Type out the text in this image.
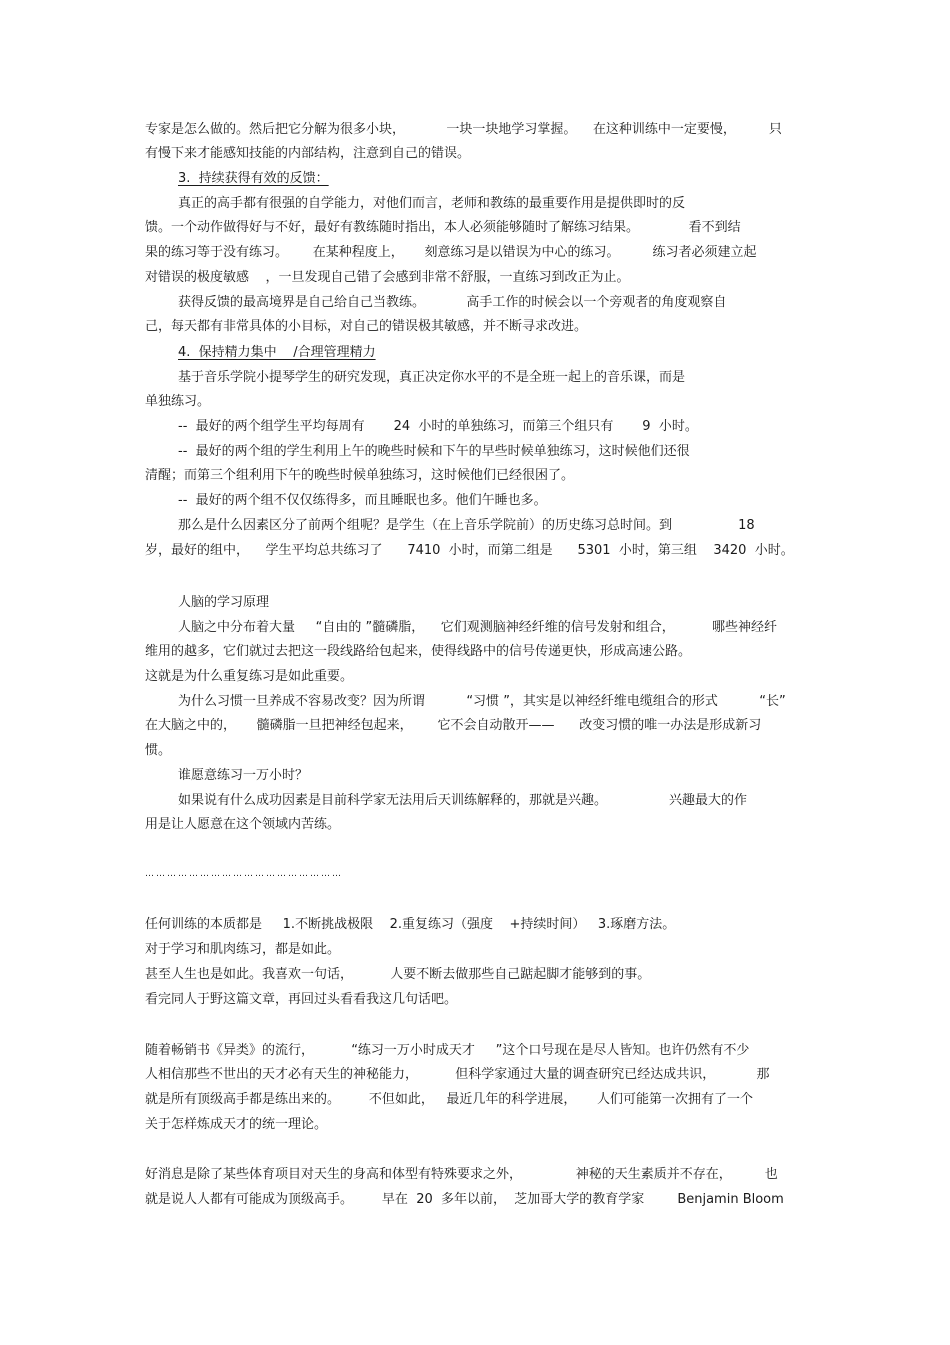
专家是怎么做的。然后把它分解为很多小块，          一块一块地学习掌握。    在这种训练中一定要慢，        只
有慢下来才能感知技能的内部结构，注意到自己的错误。
3.  持续获得有效的反馈：
真正的高手都有很强的自学能力，对他们而言，老师和教练的最重要作用是提供即时的反
馈。一个动作做得好与不好，最好有教练随时指出，本人必须能够随时了解练习结果。            看不到结
果的练习等于没有练习。      在某种程度上，     刻意练习是以错误为中心的练习。        练习者必须建立起
对错误的极度敏感    ，一旦发现自己错了会感到非常不舒服，一直练习到改正为止。
获得反馈的最高境界是自己给自己当教练。          高手工作的时候会以一个旁观者的角度观察自
己，每天都有非常具体的小目标，对自己的错误极其敏感，并不断寻求改进。
4.  保持精力集中    /合理管理精力
基于音乐学院小提琴学生的研究发现，真正决定你水平的不是全班一起上的音乐课，而是
单独练习。
--  最好的两个组学生平均每周有       24  小时的单独练习，而第三个组只有       9  小时。
--  最好的两个组的学生利用上午的晚些时候和下午的早些时候单独练习，这时候他们还很
清醒；而第三个组利用下午的晚些时候单独练习，这时候他们已经很困了。
--  最好的两个组不仅仅练得多，而且睡眠也多。他们午睡也多。
那么是什么因素区分了前两个组呢？是学生（在上音乐学院前）的历史练习总时间。到                18
岁，最好的组中，    学生平均总共练习了      7410  小时，而第二组是      5301  小时，第三组    3420  小时。
人脑的学习原理
人脑之中分布着大量     “自由的 ”髓磷脂，    它们观测脑神经纤维的信号发射和组合，         哪些神经纤
维用的越多，它们就过去把这一段线路给包起来，使得线路中的信号传递更快，形成高速公路。
这就是为什么重复练习是如此重要。
为什么习惯一旦养成不容易改变？因为所谓          “习惯 ”，其实是以神经纤维电缆组合的形式          “长”
在大脑之中的，     髓磷脂一旦把神经包起来，      它不会自动散开——      改变习惯的唯一办法是形成新习
惯。
谁愿意练习一万小时？
如果说有什么成功因素是目前科学家无法用后天训练解释的，那就是兴趣。               兴趣最大的作
用是让人愿意在这个领域内苦练。
………………………………………………
任何训练的本质都是     1.不断挑战极限    2.重复练习（强度    +持续时间）   3.琢磨方法。
对于学习和肌肉练习，都是如此。
甚至人生也是如此。我喜欢一句话，         人要不断去做那些自己踮起脚才能够到的事。
看完同人于野这篇文章，再回过头看看我这几句话吧。
随着畅销书《异类》的流行，         “练习一万小时成天才     ”这个口号现在是尽人皆知。也许仍然有不少
人相信那些不世出的天才必有天生的神秘能力，         但科学家通过大量的调查研究已经达成共识，          那
就是所有顶级高手都是练出来的。       不但如此，   最近几年的科学进展，     人们可能第一次拥有了一个
关于怎样炼成天才的统一理论。
好消息是除了某些体育项目对天生的身高和体型有特殊要求之外，             神秘的天生素质并不存在，        也
就是说人人都有可能成为顶级高手。       早在  20  多年以前，  芝加哥大学的教育学家        Benjamin Bloom
